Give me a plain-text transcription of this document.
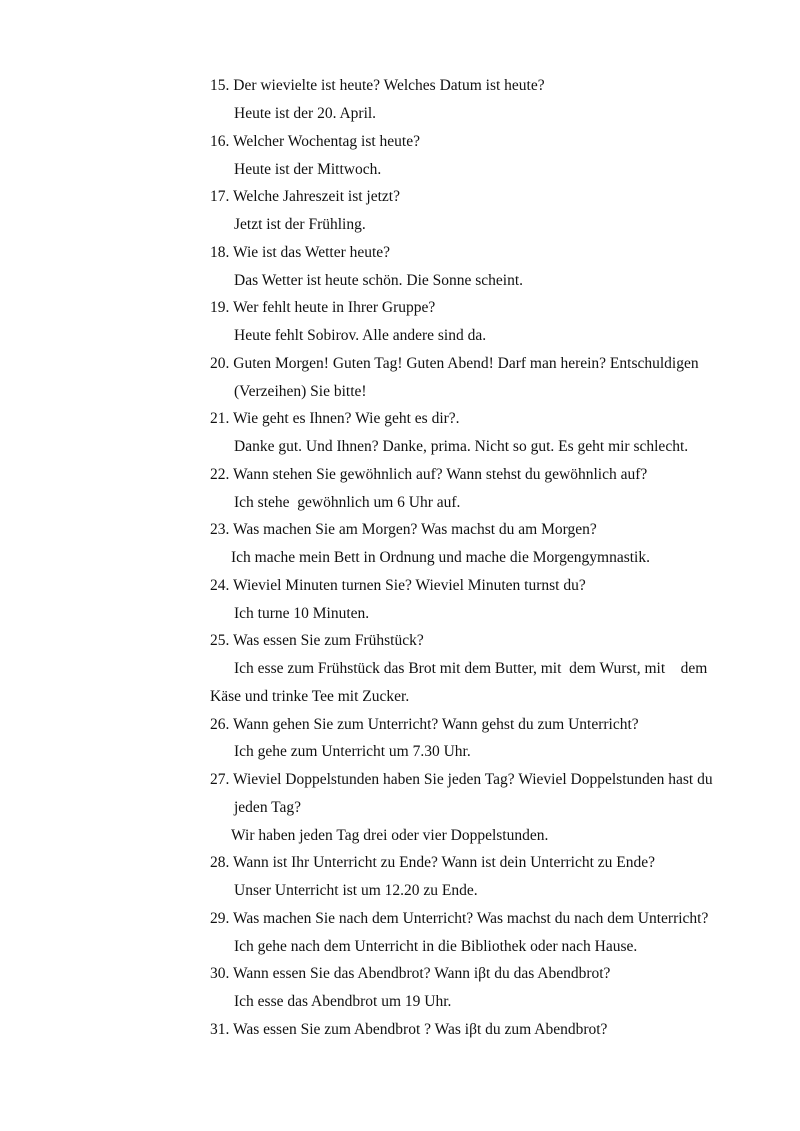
15. Der wievielte ist heute? Welches Datum ist heute?
Heute ist der 20. April.
16. Welcher Wochentag ist heute?
Heute ist der Mittwoch.
17. Welche Jahreszeit ist jetzt?
Jetzt ist der Frühling.
18. Wie ist das Wetter heute?
Das Wetter ist heute schön. Die Sonne scheint.
19. Wer fehlt heute in Ihrer Gruppe?
Heute fehlt Sobirov. Alle andere sind da.
20. Guten Morgen! Guten Tag! Guten Abend! Darf man herein? Entschuldigen
(Verzeihen) Sie bitte!
21. Wie geht es Ihnen? Wie geht es dir?.
Danke gut. Und Ihnen? Danke, prima. Nicht so gut. Es geht mir schlecht.
22. Wann stehen Sie gewöhnlich auf? Wann stehst du gewöhnlich auf?
Ich stehe  gewöhnlich um 6 Uhr auf.
23. Was machen Sie am Morgen? Was machst du am Morgen?
Ich mache mein Bett in Ordnung und mache die Morgengymnastik.
24. Wieviel Minuten turnen Sie? Wieviel Minuten turnst du?
Ich turne 10 Minuten.
25. Was essen Sie zum Frühstück?
Ich esse zum Frühstück das Brot mit dem Butter, mit  dem Wurst, mit    dem
Käse und trinke Tee mit Zucker.
26. Wann gehen Sie zum Unterricht? Wann gehst du zum Unterricht?
Ich gehe zum Unterricht um 7.30 Uhr.
27. Wieviel Doppelstunden haben Sie jeden Tag? Wieviel Doppelstunden hast du
jeden Tag?
Wir haben jeden Tag drei oder vier Doppelstunden.
28. Wann ist Ihr Unterricht zu Ende? Wann ist dein Unterricht zu Ende?
Unser Unterricht ist um 12.20 zu Ende.
29. Was machen Sie nach dem Unterricht? Was machst du nach dem Unterricht?
Ich gehe nach dem Unterricht in die Bibliothek oder nach Hause.
30. Wann essen Sie das Abendbrot? Wann iβt du das Abendbrot?
Ich esse das Abendbrot um 19 Uhr.
31. Was essen Sie zum Abendbrot ? Was iβt du zum Abendbrot?
